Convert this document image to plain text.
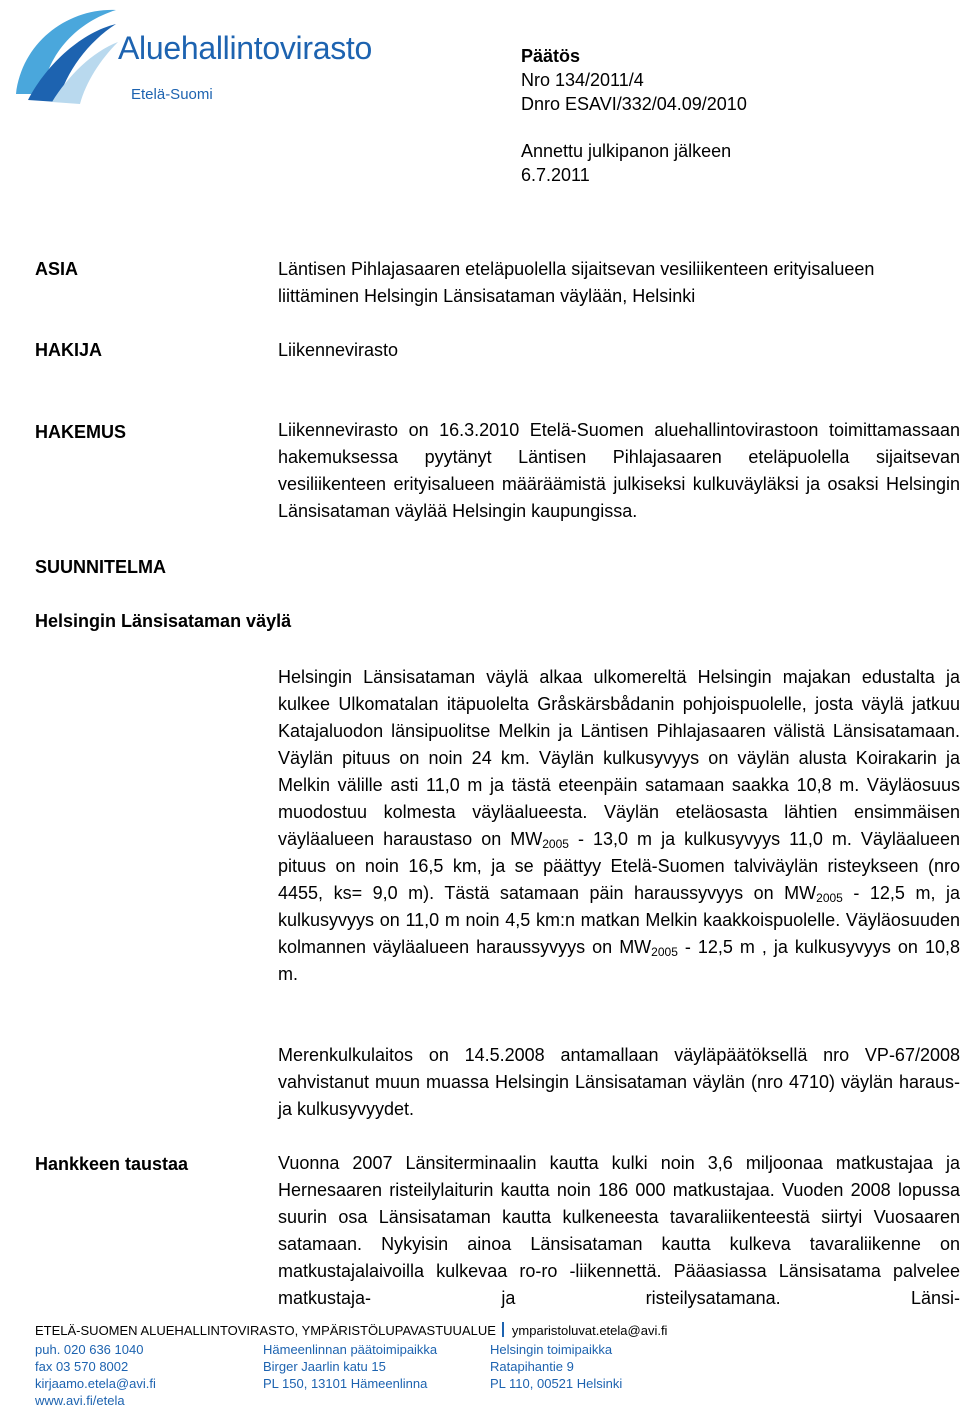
Aluehallintovirasto
Etelä-Suomi
Päätös
Nro 134/2011/4
Dnro ESAVI/332/04.09/2010
Annettu julkipanon jälkeen
6.7.2011
ASIA
HAKIJA
HAKEMUS
SUUNNITELMA
Helsingin Länsisataman väylä
Hankkeen taustaa
Läntisen Pihlajasaaren eteläpuolella sijaitsevan vesiliikenteen erityisalueen liittäminen Helsingin Länsisataman väylään, Helsinki
Liikennevirasto
Liikennevirasto on 16.3.2010 Etelä-Suomen aluehallintovirastoon toimittamassaan hakemuksessa pyytänyt Läntisen Pihlajasaaren eteläpuolella sijaitsevan vesiliikenteen erityisalueen määräämistä julkiseksi kulkuväyläksi ja osaksi Helsingin Länsisataman väylää Helsingin kaupungissa.
Helsingin Länsisataman väylä alkaa ulkomereltä Helsingin majakan edustalta ja kulkee Ulkomatalan itäpuolelta Gråskärsbådanin pohjoispuolelle, josta väylä jatkuu Katajaluodon länsipuolitse Melkin ja Läntisen Pihlajasaaren välistä Länsisatamaan. Väylän pituus on noin 24 km. Väylän kulkusyvyys on väylän alusta Koirakarin ja Melkin välille asti 11,0 m ja tästä eteenpäin satamaan saakka 10,8 m. Väyläosuus muodostuu kolmesta väyläalueesta. Väylän eteläosasta lähtien ensimmäisen väyläalueen haraustaso on $MW_{2005} - 13,0$ m ja kulkusyvyys 11,0 m. Väyläalueen pituus on noin 16,5 km, ja se päättyy Etelä-Suomen talviväylän risteykseen (nro 4455, ks= 9,0 m). Tästä satamaan päin haraussyvyys on $MW_{2005} - 12,5$ m, ja kulkusyvyys on 11,0 m noin 4,5 km:n matkan Melkin kaakkoispuolelle. Väyläosuuden kolmannen väyläalueen haraussyvyys on $MW_{2005} - 12,5$ m , ja kulkusyvyys on 10,8 m.
Merenkulkulaitos on 14.5.2008 antamallaan väyläpäätöksellä nro VP-67/2008 vahvistanut muun muassa Helsingin Länsisataman väylän (nro 4710) väylän haraus- ja kulkusyvyydet.
Vuonna 2007 Länsiterminaalin kautta kulki noin 3,6 miljoonaa matkustajaa ja Hernesaaren risteilylaiturin kautta noin 186 000 matkustajaa. Vuoden 2008 lopussa suurin osa Länsisataman kautta kulkeneesta tavaraliikenteestä siirtyi Vuosaaren satamaan. Nykyisin ainoa Länsisataman kautta kulkeva tavaraliikenne on matkustajalaivoilla kulkevaa ro-ro -liikennettä. Pääasiassa Länsisatama palvelee matkustaja- ja risteilysatamana. Länsi-
ETELÄ-SUOMEN ALUEHALLINTOVIRASTO, YMPÄRISTÖLUPAVASTUUALUE ymparistoluvat.etela@avi.fi
puh. 020 636 1040
fax 03 570 8002
kirjaamo.etela@avi.fi
www.avi.fi/etela
Hämeenlinnan päätoimipaikka
Birger Jaarlin katu 15
PL 150, 13101 Hämeenlinna
Helsingin toimipaikka
Ratapihantie 9
PL 110, 00521 Helsinki
